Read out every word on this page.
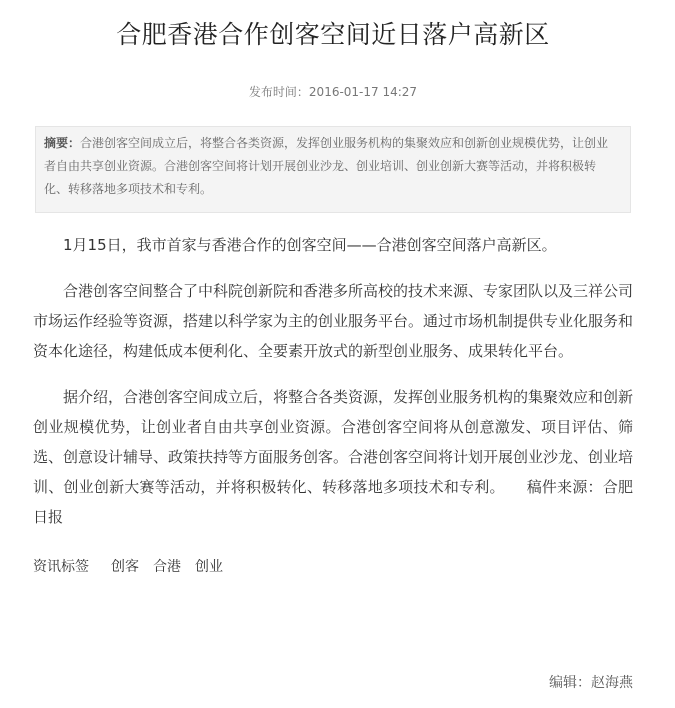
合肥香港合作创客空间近日落户高新区
发布时间：2016-01-17 14:27
摘要：合港创客空间成立后，将整合各类资源，发挥创业服务机构的集聚效应和创新创业规模优势，让创业者自由共享创业资源。合港创客空间将计划开展创业沙龙、创业培训、创业创新大赛等活动，并将积极转化、转移落地多项技术和专利。

1月15日，我市首家与香港合作的创客空间——合港创客空间落户高新区。

合港创客空间整合了中科院创新院和香港多所高校的技术来源、专家团队以及三祥公司市场运作经验等资源，搭建以科学家为主的创业服务平台。通过市场机制提供专业化服务和资本化途径，构建低成本便利化、全要素开放式的新型创业服务、成果转化平台。

据介绍，合港创客空间成立后，将整合各类资源，发挥创业服务机构的集聚效应和创新创业规模优势，让创业者自由共享创业资源。合港创客空间将从创意激发、项目评估、筛选、创意设计辅导、政策扶持等方面服务创客。合港创客空间将计划开展创业沙龙、创业培训、创业创新大赛等活动，并将积极转化、转移落地多项技术和专利。 稿件来源：合肥日报

资讯标签 创客 合港 创业
编辑：赵海燕
